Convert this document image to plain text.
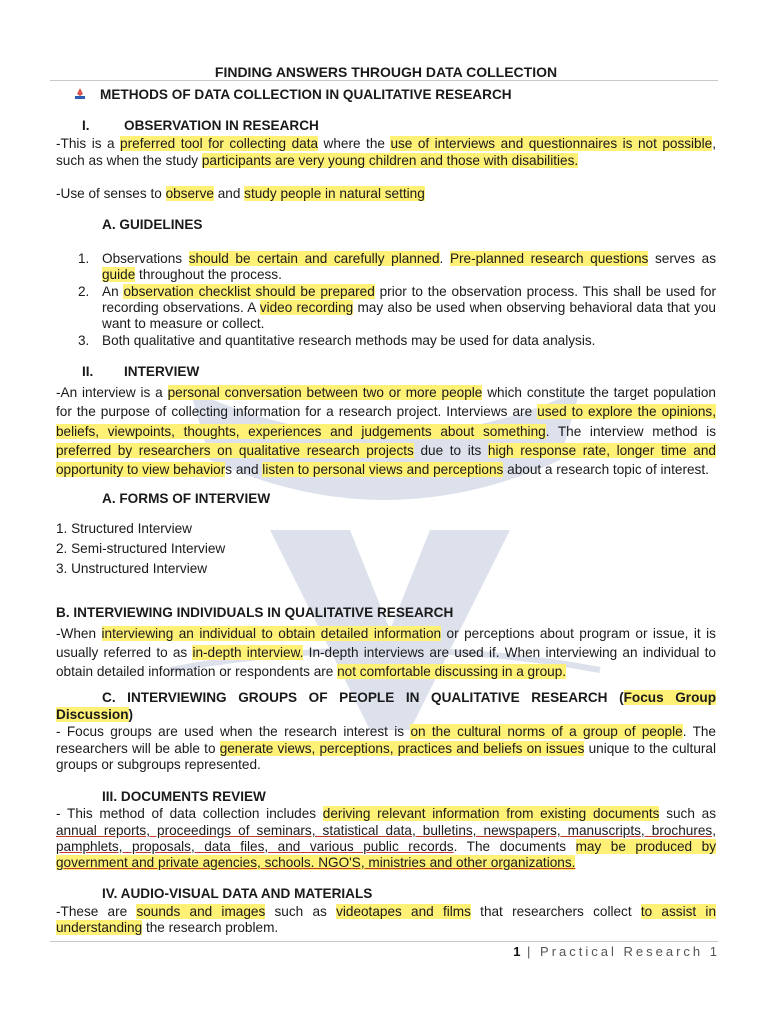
FINDING ANSWERS THROUGH DATA COLLECTION
METHODS OF DATA COLLECTION IN QUALITATIVE RESEARCH
I.	OBSERVATION IN RESEARCH
-This is a preferred tool for collecting data where the use of interviews and questionnaires is not possible,
such as when the study participants are very young children and those with disabilities.
-Use of senses to observe and study people in natural setting
A. GUIDELINES
1. Observations should be certain and carefully planned. Pre-planned research questions serves as
guide throughout the process.
2. An observation checklist should be prepared prior to the observation process. This shall be used for
recording observations. A video recording may also be used when observing behavioral data that you
want to measure or collect.
3. Both qualitative and quantitative research methods may be used for data analysis.
II. INTERVIEW
-An interview is a personal conversation between two or more people which constitute the target population
for the purpose of collecting information for a research project. Interviews are used to explore the opinions,
beliefs, viewpoints, thoughts, experiences and judgements about something. The interview method is
preferred by researchers on qualitative research projects due to its high response rate, longer time and
opportunity to view behaviors and listen to personal views and perceptions about a research topic of interest.
A. FORMS OF INTERVIEW
1. Structured Interview
2. Semi-structured Interview
3. Unstructured Interview
B. INTERVIEWING INDIVIDUALS IN QUALITATIVE RESEARCH
-When interviewing an individual to obtain detailed information or perceptions about program or issue, it is
usually referred to as in-depth interview. In-depth interviews are used if. When interviewing an individual to
obtain detailed information or respondents are not comfortable discussing in a group.
C. INTERVIEWING GROUPS OF PEOPLE IN QUALITATIVE RESEARCH (Focus Group
Discussion)
- Focus groups are used when the research interest is on the cultural norms of a group of people. The
researchers will be able to generate views, perceptions, practices and beliefs on issues unique to the cultural
groups or subgroups represented.
III. DOCUMENTS REVIEW
- This method of data collection includes deriving relevant information from existing documents such as
annual reports, proceedings of seminars, statistical data, bulletins, newspapers, manuscripts, brochures,
pamphlets, proposals, data files, and various public records. The documents may be produced by
government and private agencies, schools. NGO'S, ministries and other organizations.
IV. AUDIO-VISUAL DATA AND MATERIALS
-These are sounds and images such as videotapes and films that researchers collect to assist in
understanding the research problem.
1 | Practical Research 1
